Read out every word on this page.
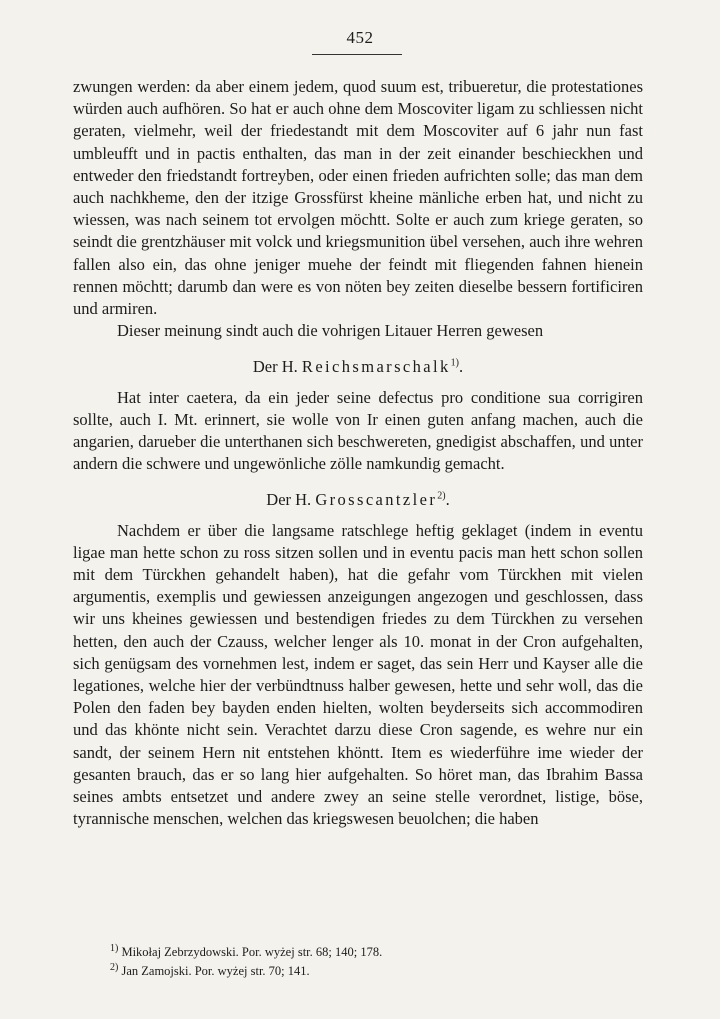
452

zwungen werden: da aber einem jedem, quod suum est, tribueretur, die protestationes würden auch aufhören. So hat er auch ohne dem Moscoviter ligam zu schliessen nicht geraten, vielmehr, weil der friedestandt mit dem Moscoviter auf 6 jahr nun fast umbleufft und in pactis enthalten, das man in der zeit einander beschieckhen und entweder den friedstandt fortreyben, oder einen frieden aufrichten solle; das man dem auch nachkheme, den der itzige Grossfürst kheine mänliche erben hat, und nicht zu wiessen, was nach seinem tot ervolgen möchtt. Solte er auch zum kriege geraten, so seindt die grentzhäuser mit volck und kriegsmunition übel versehen, auch ihre wehren fallen also ein, das ohne jeniger muehe der feindt mit fliegenden fahnen hienein rennen möchtt; darumb dan were es von nöten bey zeiten dieselbe bessern fortificiren und armiren.

Dieser meinung sindt auch die vohrigen Litauer Herren gewesen

Der H. Reichsmarschalk$^{1)}$.

Hat inter caetera, da ein jeder seine defectus pro conditione sua corrigiren sollte, auch I. Mt. erinnert, sie wolle von Ir einen guten anfang machen, auch die angarien, darueber die unterthanen sich beschwereten, gnedigist abschaffen, und unter andern die schwere und ungewönliche zölle namkundig gemacht.

Der H. Grosscantzler$^{2)}$.

Nachdem er über die langsame ratschlege heftig geklaget (indem in eventu ligae man hette schon zu ross sitzen sollen und in eventu pacis man hett schon sollen mit dem Türckhen gehandelt haben), hat die gefahr vom Türckhen mit vielen argumentis, exemplis und gewiessen anzeigungen angezogen und geschlossen, dass wir uns kheines gewiessen und bestendigen friedes zu dem Türckhen zu versehen hetten, den auch der Czauss, welcher lenger als 10. monat in der Cron aufgehalten, sich genügsam des vornehmen lest, indem er saget, das sein Herr und Kayser alle die legationes, welche hier der verbündtnuss halber gewesen, hette und sehr woll, das die Polen den faden bey bayden enden hielten, wolten beyderseits sich accommodiren und das khönte nicht sein. Verachtet darzu diese Cron sagende, es wehre nur ein sandt, der seinem Hern nit entstehen khöntt. Item es wiederführe ime wieder der gesanten brauch, das er so lang hier aufgehalten. So höret man, das Ibrahim Bassa seines ambts entsetzet und andere zwey an seine stelle verordnet, listige, böse, tyrannische menschen, welchen das kriegswesen beuolchen; die haben

$^{1)}$ Mikołaj Zebrzydowski. Por. wyżej str. 68; 140; 178.
$^{2)}$ Jan Zamojski. Por. wyżej str. 70; 141.
